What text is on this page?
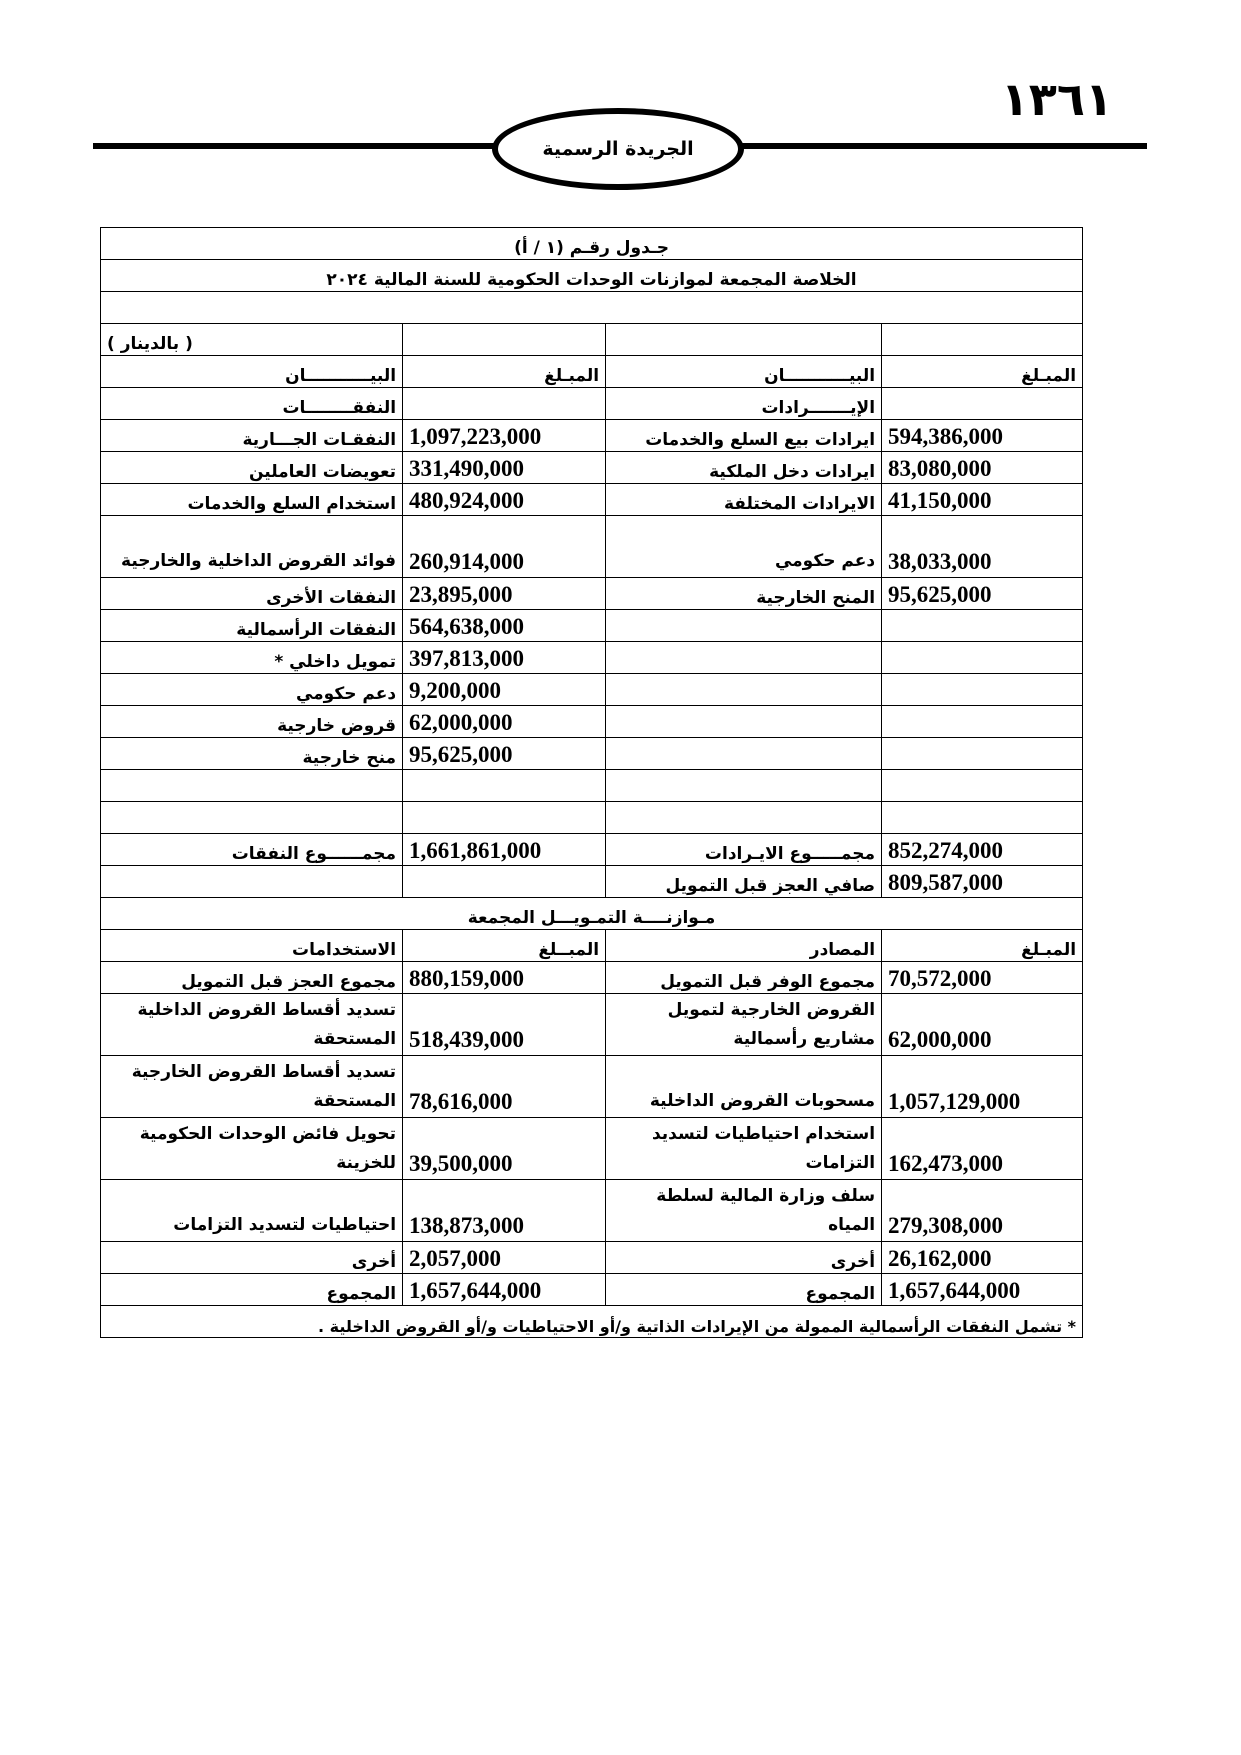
١٣٦١
الجريدة الرسمية
جـدول رقـم (١ / أ)			
الخلاصة المجمعة لموازنات الوحدات الحكومية للسنة المالية ٢٠٢٤			

			( بالدينار )
المبـلغ	البيـــــــــــان	المبـلغ	البيـــــــــــان
	الإيـــــــرادات		النفقــــــــات
594,386,000	ايرادات بيع السلع والخدمات	1,097,223,000	النفقـات الجـــارية
83,080,000	ايرادات دخل الملكية	331,490,000	تعويضات العاملين
41,150,000	الايرادات المختلفة	480,924,000	استخدام السلع والخدمات
38,033,000	دعم حكومي	260,914,000	فوائد القروض الداخلية والخارجية
95,625,000	المنح الخارجية	23,895,000	النفقات الأخرى
		564,638,000	النفقات الرأسمالية
		397,813,000	تمويل داخلي *
		9,200,000	دعم حكومي
		62,000,000	قروض خارجية
		95,625,000	منح خارجية

852,274,000	مجمـــــوع الايـرادات	1,661,861,000	مجمــــــوع النفقات
809,587,000	صافي العجز قبل التمويل		
مـوازنــــة التمـويـــل المجمعة			
المبـلغ	المصادر	المبــلغ	الاستخدامات
70,572,000	مجموع الوفر قبل التمويل	880,159,000	مجموع العجز قبل التمويل
62,000,000	القروض الخارجية لتمويل مشاريع رأسمالية	518,439,000	تسديد أقساط القروض الداخلية المستحقة
1,057,129,000	مسحوبات القروض الداخلية	78,616,000	تسديد أقساط القروض الخارجية المستحقة
162,473,000	استخدام احتياطيات لتسديد التزامات	39,500,000	تحويل فائض الوحدات الحكومية للخزينة
279,308,000	سلف وزارة المالية لسلطة المياه	138,873,000	احتياطيات لتسديد التزامات
26,162,000	أخرى	2,057,000	أخرى
1,657,644,000	المجموع	1,657,644,000	المجموع
* تشمل النفقات الرأسمالية الممولة من الإيرادات الذاتية و/أو الاحتياطيات و/أو القروض الداخلية .			
